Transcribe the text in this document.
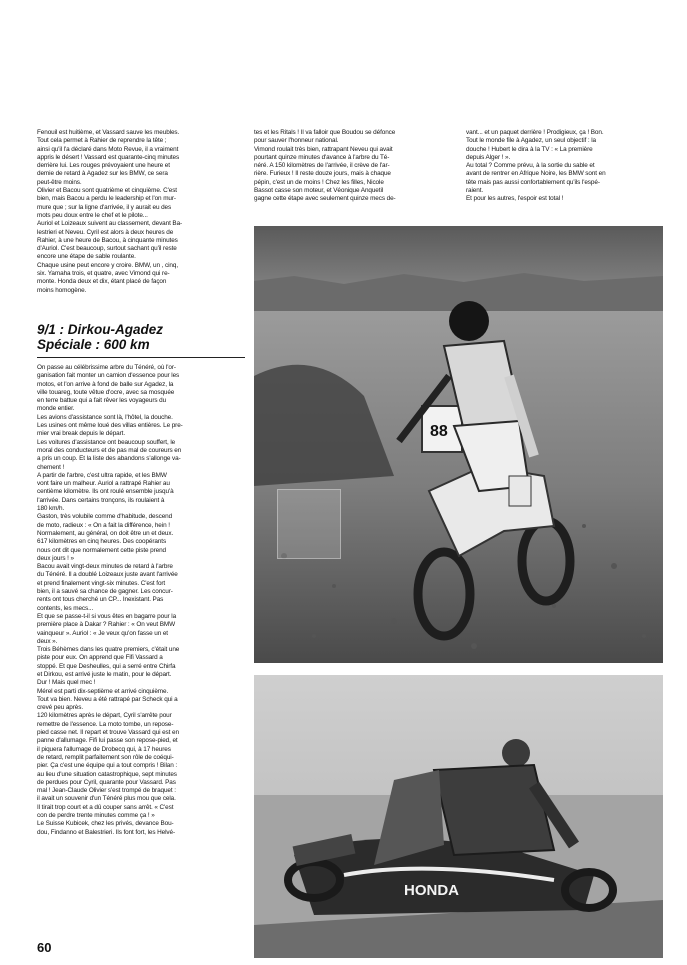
Fenouil est huitième, et Vassard sauve les meubles.

Tout cela permet à Rahier de reprendre la tête ;

ainsi qu'il l'a déclaré dans Moto Revue, il a vraiment

appris le désert ! Vassard est quarante-cinq minutes

derrière lui. Les rouges prévoyaient une heure et

demie de retard à Agadez sur les BMW, ce sera

peut-être moins.

Olivier et Bacou sont quatrième et cinquième. C'est

bien, mais Bacou a perdu le leadership et l'on mur-

mure que ; sur la ligne d'arrivée, il y aurait eu des

mots peu doux entre le chef et le pilote...

Auriol et Loizeaux suivent au classement, devant Ba-

lestrieri et Neveu. Cyril est alors à deux heures de

Rahier, à une heure de Bacou, à cinquante minutes

d'Auriol. C'est beaucoup, surtout sachant qu'il reste

encore une étape de sable roulante.

Chaque usine peut encore y croire. BMW, un , cinq,

six. Yamaha trois, et quatre, avec Vimond qui re-

monte. Honda deux et dix, étant placé de façon

moins homogène.

9/1 : Dirkou-Agadez
Spéciale : 600 km

On passe au célébrissime arbre du Ténéré, où l'or-

ganisation fait monter un camion d'essence pour les

motos, et l'on arrive à fond de balle sur Agadez, la

ville touareg, toute vêtue d'ocre, avec sa mosquée

en terre battue qui a fait rêver les voyageurs du

monde entier.

Les avions d'assistance sont là, l'hôtel, la douche.

Les usines ont même loué des villas entières. Le pre-

mier vrai break depuis le départ.

Les voitures d'assistance ont beaucoup souffert, le

moral des conducteurs et de pas mal de coureurs en

a pris un coup. Et la liste des abandons s'allonge va-

chement !

A partir de l'arbre, c'est ultra rapide, et les BMW

vont faire un malheur. Auriol a rattrapé Rahier au

centième kilomètre. Ils ont roulé ensemble jusqu'à

l'arrivée. Dans certains tronçons, ils roulaient à

180 km/h.

Gaston, très volubile comme d'habitude, descend

de moto, radieux : « On a fait la différence, hein !

Normalement, au général, on doit être un et deux.

617 kilomètres en cinq heures. Des coopérants

nous ont dit que normalement cette piste prend

deux jours ! »

Bacou avait vingt-deux minutes de retard à l'arbre

du Ténéré. Il a doublé Loizeaux juste avant l'arrivée

et prend finalement vingt-six minutes. C'est fort

bien, il a sauvé sa chance de gagner. Les concur-

rents ont tous cherché un CP... Inexistant. Pas

contents, les mecs...

Et que se passe-t-il si vous êtes en bagarre pour la

première place à Dakar ? Rahier : « On veut BMW

vainqueur ». Auriol : « Je veux qu'on fasse un et

deux ».

Trois Béhèmes dans les quatre premiers, c'était une

piste pour eux. On apprend que Fifi Vassard a

stoppé. Et que Desheulles, qui a serré entre Chirfa

et Dirkou, est arrivé juste le matin, pour le départ.

Dur ! Mais quel mec !

Mérel est parti dix-septième et arrivé cinquième.

Tout va bien. Neveu a été rattrapé par Scheck qui a

crevé peu après.

120 kilomètres après le départ, Cyril s'arrête pour

remettre de l'essence. La moto tombe, un repose-

pied casse net. Il repart et trouve Vassard qui est en

panne d'allumage. Fifi lui passe son repose-pied, et

il piquera l'allumage de Drobecq qui, à 17 heures

de retard, remplit parfaitement son rôle de coéqui-

pier. Ça c'est une équipe qui a tout compris ! Bilan :

au lieu d'une situation catastrophique, sept minutes

de perdues pour Cyril, quarante pour Vassard. Pas

mal ! Jean-Claude Olivier s'est trompé de braquet :

il avait un souvenir d'un Ténéré plus mou que cela.

Il tirait trop court et a dû couper sans arrêt. « C'est

con de perdre trente minutes comme ça ! »

Le Suisse Kubicek, chez les privés, devance Bou-

dou, Findanno et Balestrieri. Ils font fort, les Helvé-

tes et les Ritals ! Il va falloir que Boudou se défonce

pour sauver l'honneur national.

Vimond roulait très bien, rattrapant Neveu qui avait

pourtant quinze minutes d'avance à l'arbre du Té-

néré. A 150 kilomètres de l'arrivée, il crève de l'ar-

rière. Furieux ! Il reste douze jours, mais à chaque

pépin, c'est un de moins ! Chez les filles, Nicole

Bassot casse son moteur, et Véonique Anquetil

gagne cette étape avec seulement quinze mecs de-

vant... et un paquet derrière ! Prodigieux, ça ! Bon.

Tout le monde file à Agadez, un seul objectif : la

douche ! Hubert le dira à la TV : « La première

depuis Alger ! ».

Au total ? Comme prévu, à la sortie du sable et

avant de rentrer en Afrique Noire, les BMW sont en

tête mais pas aussi confortablement qu'ils l'espé-

raient.

Et pour les autres, l'espoir est total !

88
HONDA
60
